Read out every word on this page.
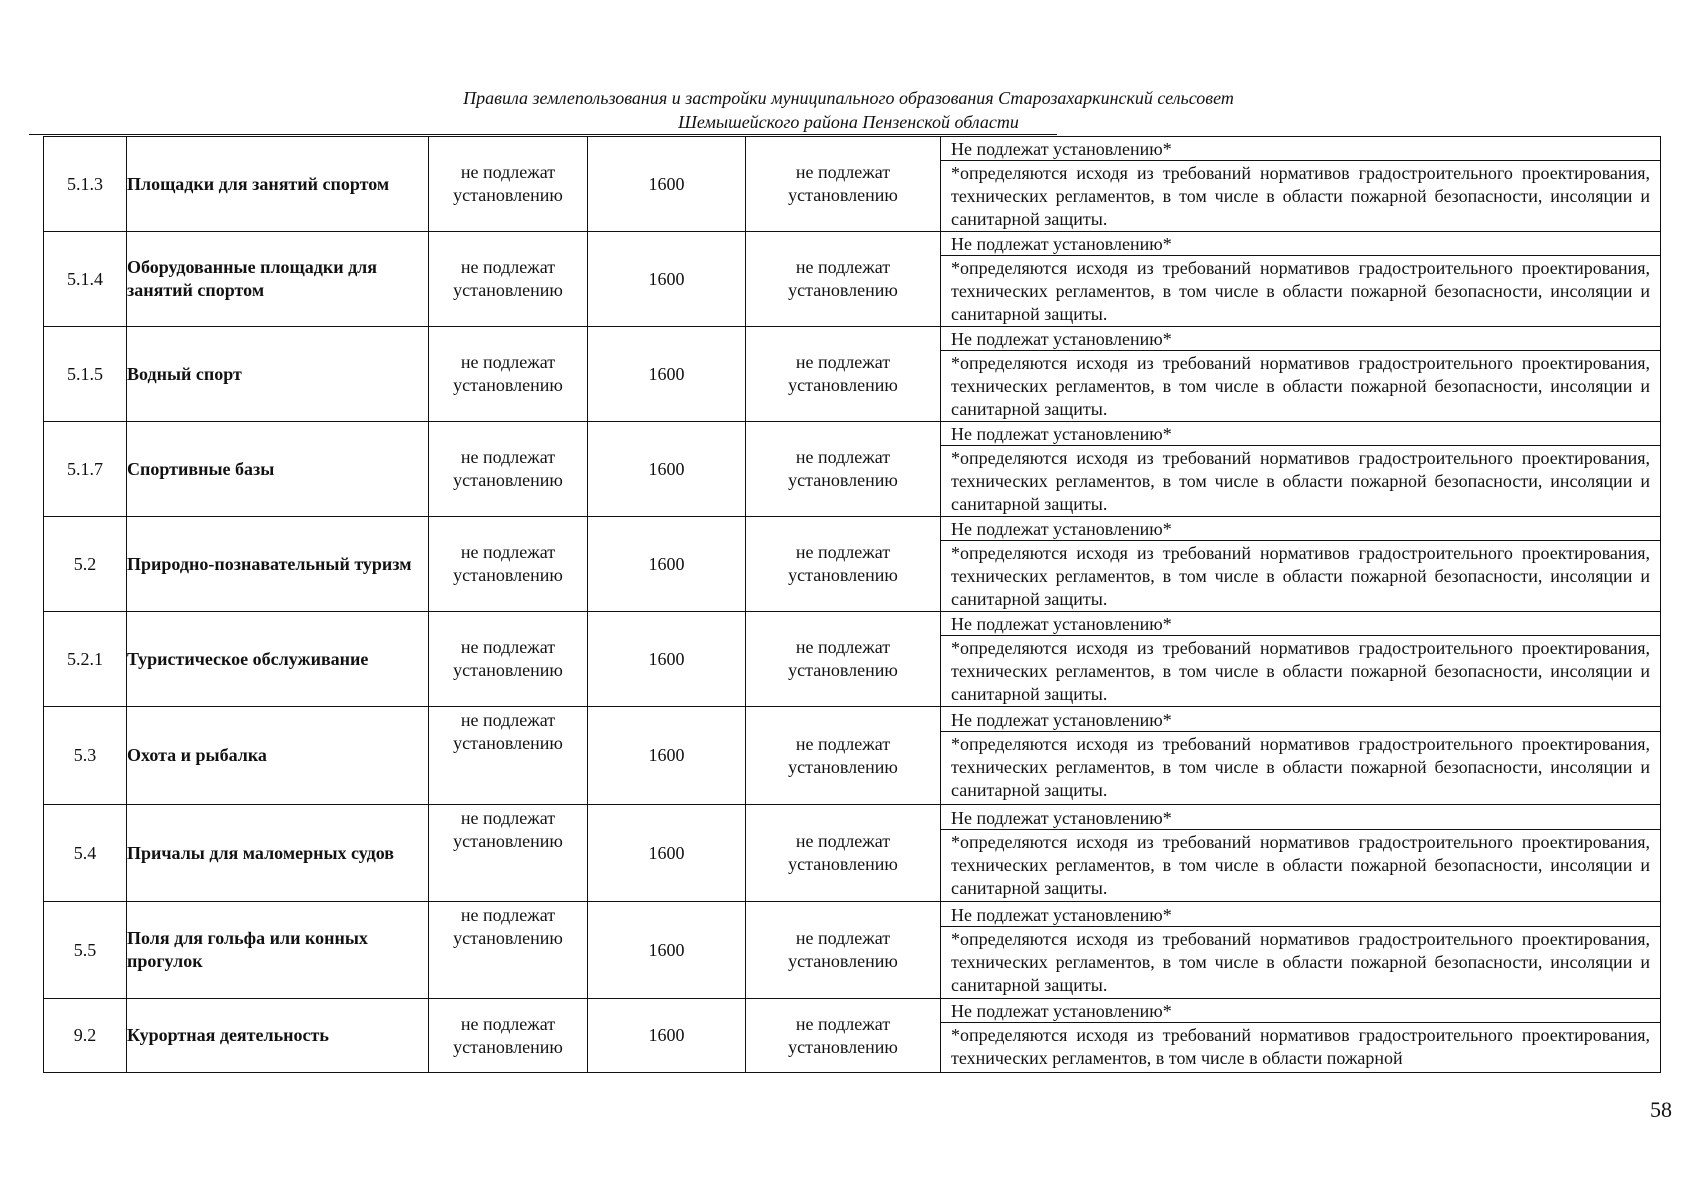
Правила землепользования и застройки муниципального образования Старозахаркинский сельсовет
Шемышейского района Пензенской области
5.1.3	Площадки для занятий спортом	не подлежат установлению	1600	не подлежат установлению	Не подлежат установлению*
*определяются исходя из требований нормативов градостроительного проектирования, технических регламентов, в том числе в области пожарной безопасности, инсоляции и санитарной защиты.

5.1.4	Оборудованные площадки для занятий спортом	не подлежат установлению	1600	не подлежат установлению	Не подлежат установлению*
*определяются исходя из требований нормативов градостроительного проектирования, технических регламентов, в том числе в области пожарной безопасности, инсоляции и санитарной защиты.

5.1.5	Водный спорт	не подлежат установлению	1600	не подлежат установлению	Не подлежат установлению*
*определяются исходя из требований нормативов градостроительного проектирования, технических регламентов, в том числе в области пожарной безопасности, инсоляции и санитарной защиты.

5.1.7	Спортивные базы	не подлежат установлению	1600	не подлежат установлению	Не подлежат установлению*
*определяются исходя из требований нормативов градостроительного проектирования, технических регламентов, в том числе в области пожарной безопасности, инсоляции и санитарной защиты.

5.2	Природно-познавательный туризм	не подлежат установлению	1600	не подлежат установлению	Не подлежат установлению*
*определяются исходя из требований нормативов градостроительного проектирования, технических регламентов, в том числе в области пожарной безопасности, инсоляции и санитарной защиты.

5.2.1	Туристическое обслуживание	не подлежат установлению	1600	не подлежат установлению	Не подлежат установлению*
*определяются исходя из требований нормативов градостроительного проектирования, технических регламентов, в том числе в области пожарной безопасности, инсоляции и санитарной защиты.

5.3	Охота и рыбалка	не подлежат установлению	1600	не подлежат установлению	Не подлежат установлению*
*определяются исходя из требований нормативов градостроительного проектирования, технических регламентов, в том числе в области пожарной безопасности, инсоляции и санитарной защиты.

5.4	Причалы для маломерных судов	не подлежат установлению	1600	не подлежат установлению	Не подлежат установлению*
*определяются исходя из требований нормативов градостроительного проектирования, технических регламентов, в том числе в области пожарной безопасности, инсоляции и санитарной защиты.

5.5	Поля для гольфа или конных прогулок	не подлежат установлению	1600	не подлежат установлению	Не подлежат установлению*
*определяются исходя из требований нормативов градостроительного проектирования, технических регламентов, в том числе в области пожарной безопасности, инсоляции и санитарной защиты.

9.2	Курортная деятельность	не подлежат установлению	1600	не подлежат установлению	Не подлежат установлению*
*определяются исходя из требований нормативов градостроительного проектирования, технических регламентов, в том числе в области пожарной
58
